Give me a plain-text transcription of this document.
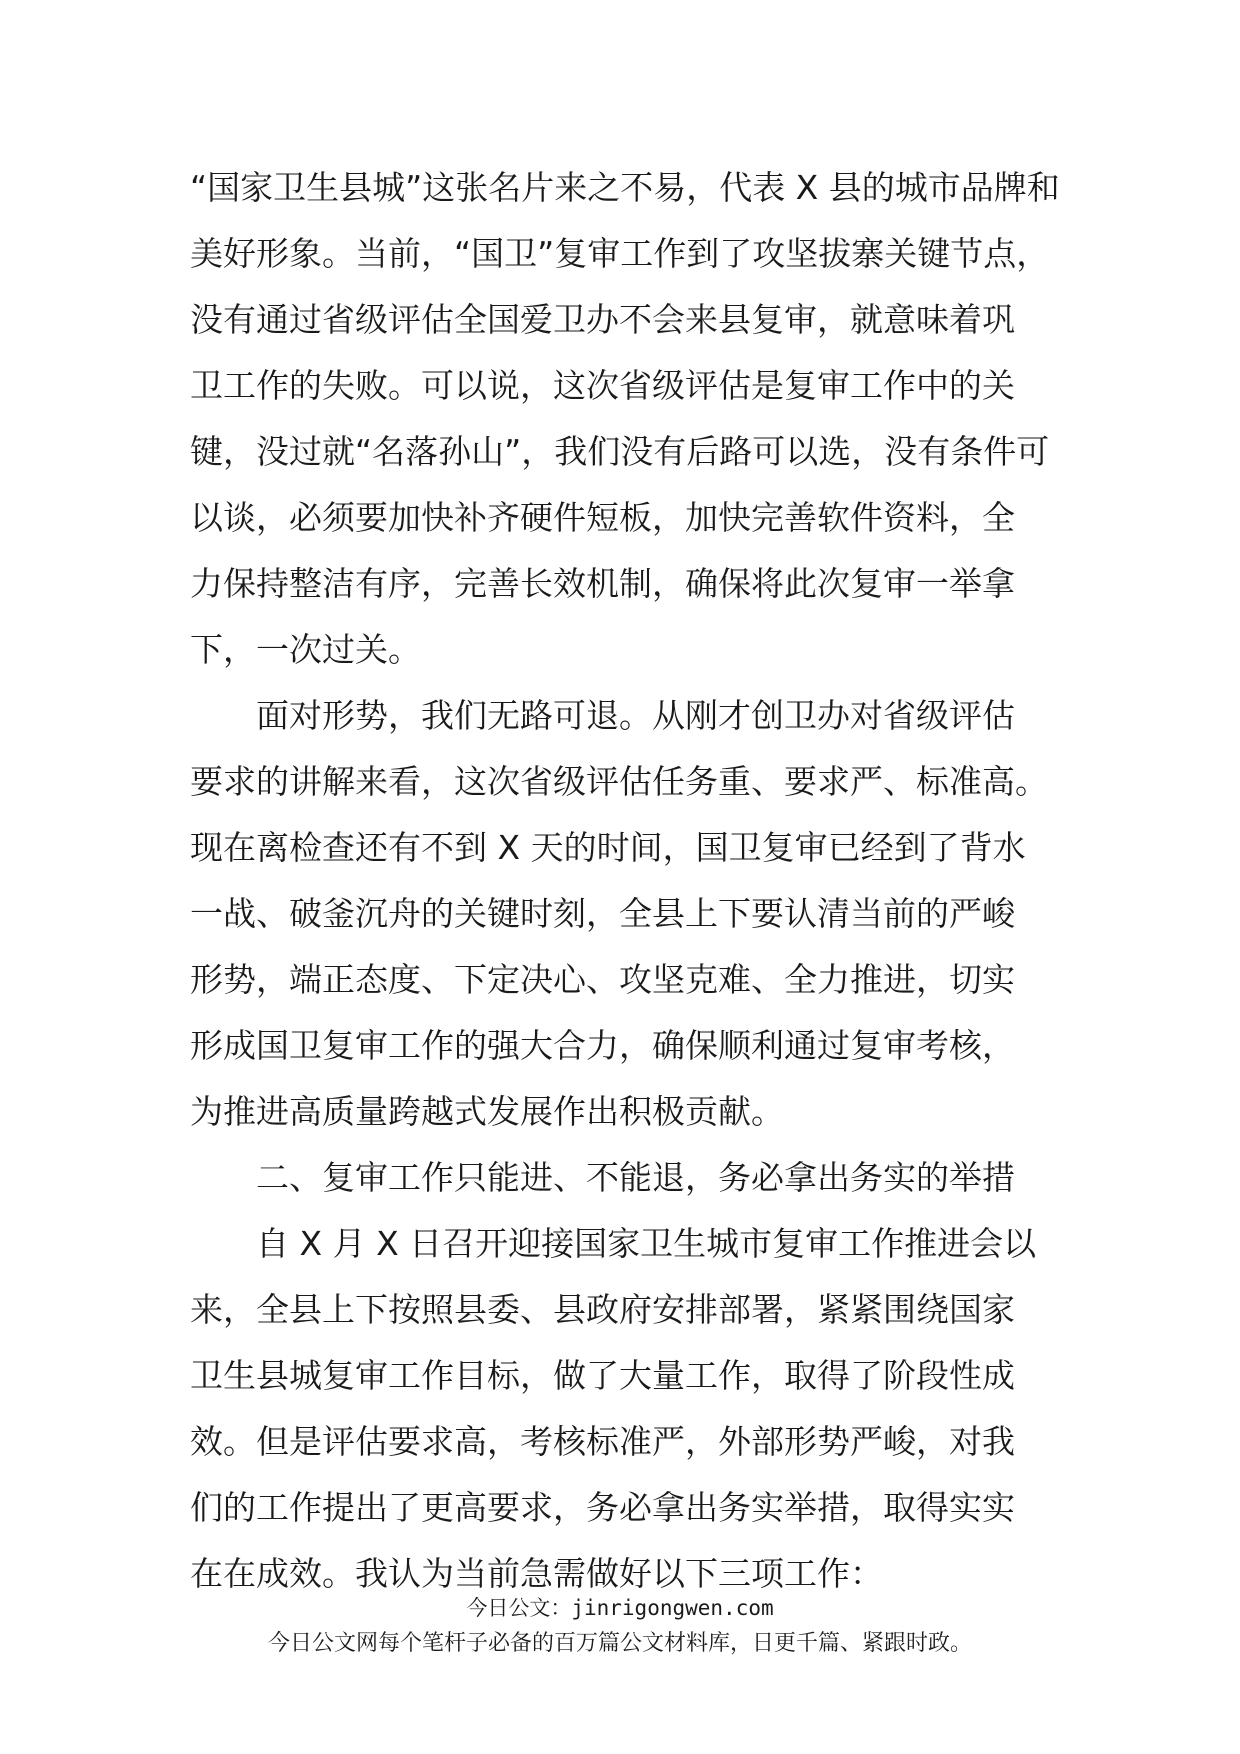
“国家卫生县城”这张名片来之不易，代表 X 县的城市品牌和
美好形象。当前，“国卫”复审工作到了攻坚拔寨关键节点，
没有通过省级评估全国爱卫办不会来县复审，就意味着巩
卫工作的失败。可以说，这次省级评估是复审工作中的关
键，没过就“名落孙山”，我们没有后路可以选，没有条件可
以谈，必须要加快补齐硬件短板，加快完善软件资料，全
力保持整洁有序，完善长效机制，确保将此次复审一举拿
下，一次过关。
面对形势，我们无路可退。从刚才创卫办对省级评估
要求的讲解来看，这次省级评估任务重、要求严、标准高。
现在离检查还有不到 X 天的时间，国卫复审已经到了背水
一战、破釜沉舟的关键时刻，全县上下要认清当前的严峻
形势，端正态度、下定决心、攻坚克难、全力推进，切实
形成国卫复审工作的强大合力，确保顺利通过复审考核，
为推进高质量跨越式发展作出积极贡献。
二、复审工作只能进、不能退，务必拿出务实的举措
自 X 月 X 日召开迎接国家卫生城市复审工作推进会以
来，全县上下按照县委、县政府安排部署，紧紧围绕国家
卫生县城复审工作目标，做了大量工作，取得了阶段性成
效。但是评估要求高，考核标准严，外部形势严峻，对我
们的工作提出了更高要求，务必拿出务实举措，取得实实
在在成效。我认为当前急需做好以下三项工作：
今日公文：jinrigongwen.com
今日公文网每个笔杆子必备的百万篇公文材料库，日更千篇、紧跟时政。
